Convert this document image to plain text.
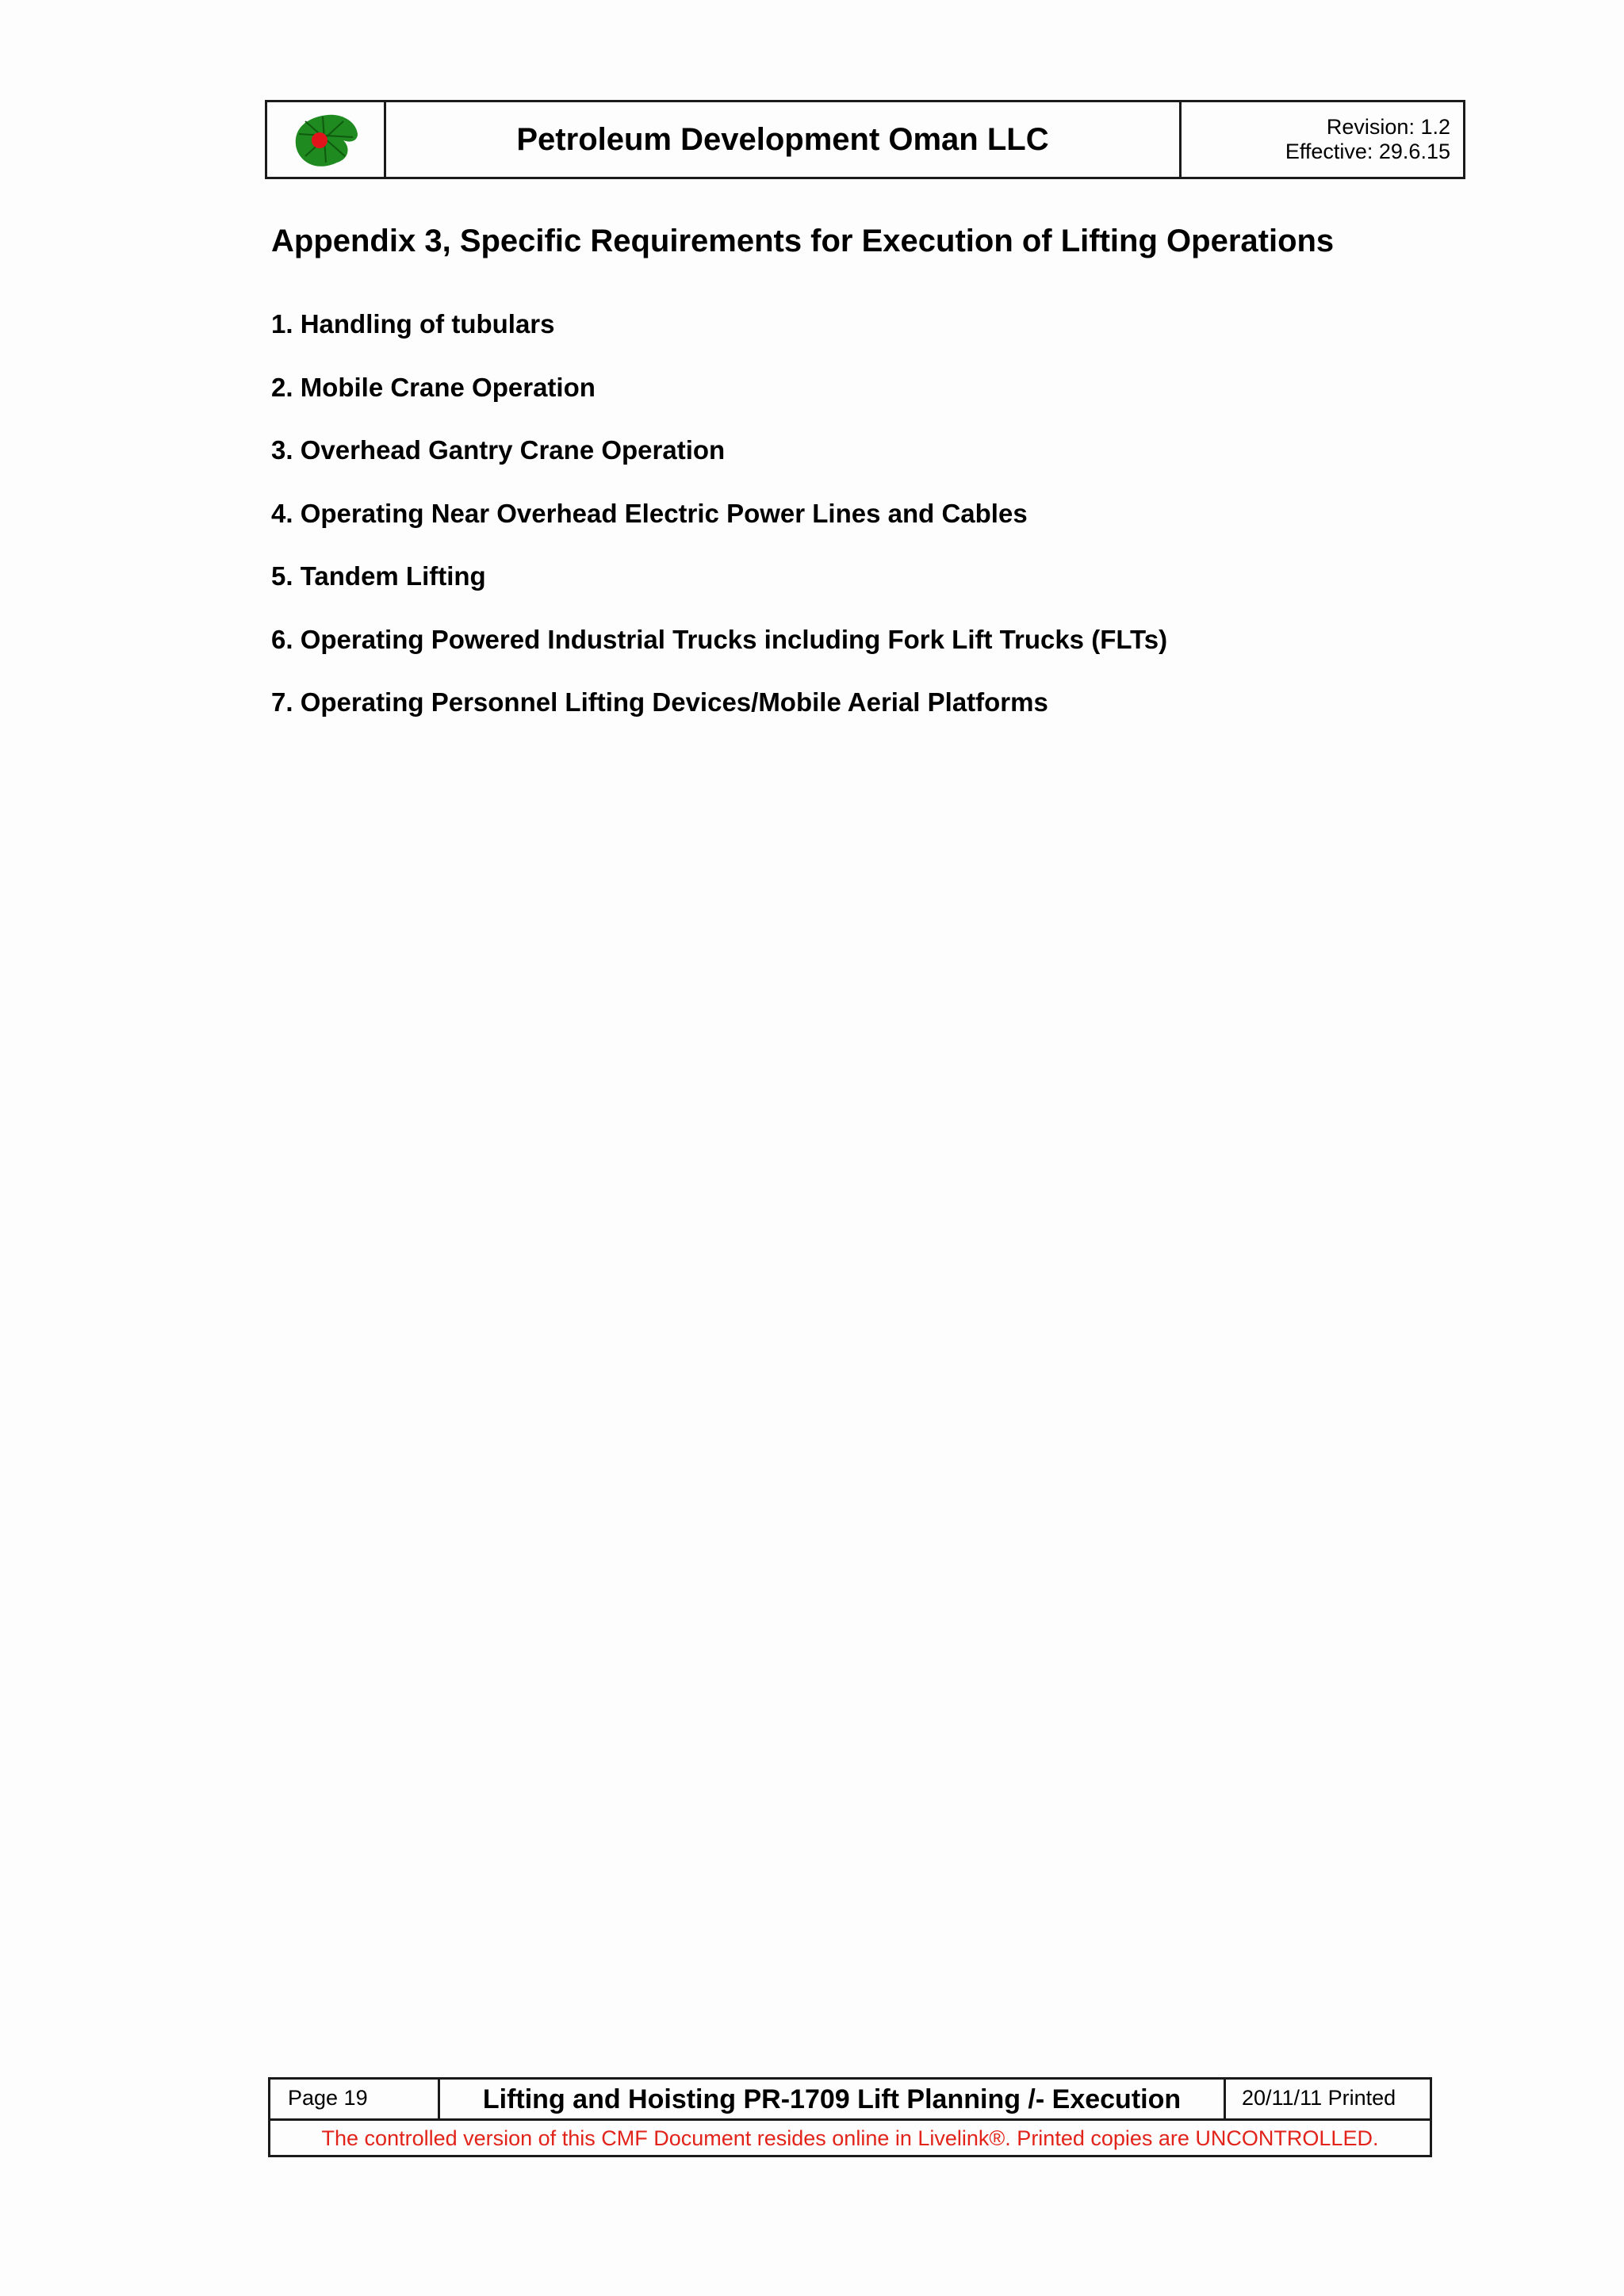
Petroleum Development Oman LLC	Revision: 1.2
Effective: 29.6.15
Appendix 3, Specific Requirements for Execution of Lifting Operations
1. Handling of tubulars
2. Mobile Crane Operation
3. Overhead Gantry Crane Operation
4. Operating Near Overhead Electric Power Lines and Cables
5. Tandem Lifting
6. Operating Powered Industrial Trucks including Fork Lift Trucks (FLTs)
7. Operating Personnel Lifting Devices/Mobile Aerial Platforms
Page 19	Lifting and Hoisting PR-1709 Lift Planning /- Execution	20/11/11 Printed
The controlled version of this CMF Document resides online in Livelink®. Printed copies are UNCONTROLLED.
